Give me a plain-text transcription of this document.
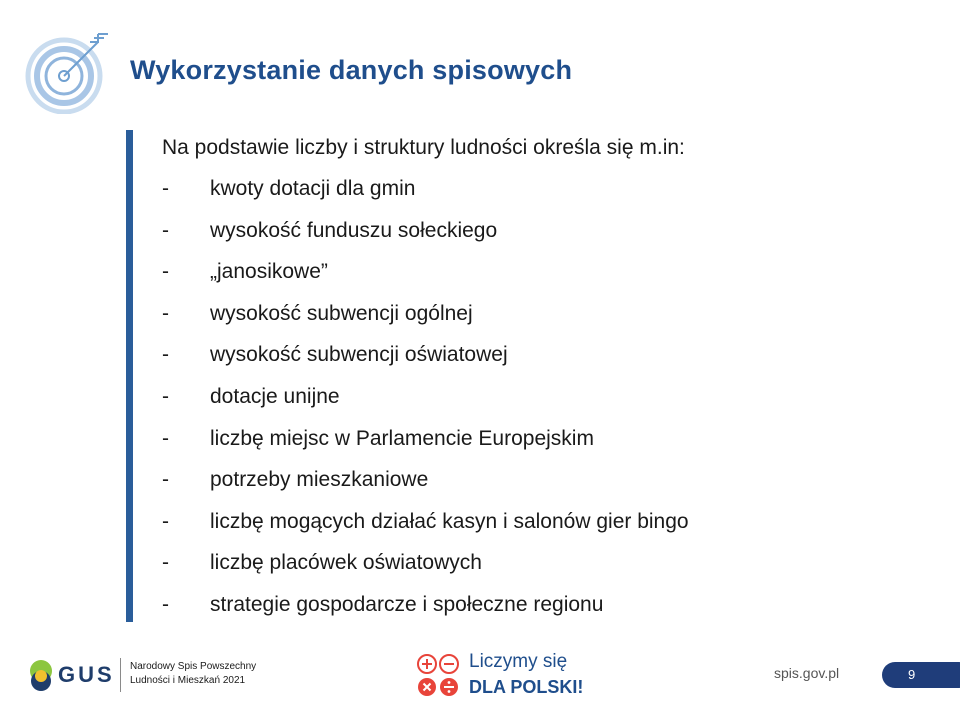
Wykorzystanie danych spisowych
Na podstawie liczby i struktury ludności określa się m.in:
-	kwoty dotacji dla gmin
-	wysokość funduszu sołeckiego
-	„janosikowe”
-	wysokość subwencji ogólnej
-	wysokość subwencji oświatowej
-	dotacje unijne
-	liczbę miejsc w Parlamencie Europejskim
-	potrzeby mieszkaniowe
-	liczbę mogących działać kasyn i salonów gier bingo
-	liczbę placówek oświatowych
-	strategie gospodarcze i społeczne regionu
GUS Narodowy Spis Powszechny
Ludności i Mieszkań 2021
Liczymy się
DLA POLSKI!
spis.gov.pl	9
